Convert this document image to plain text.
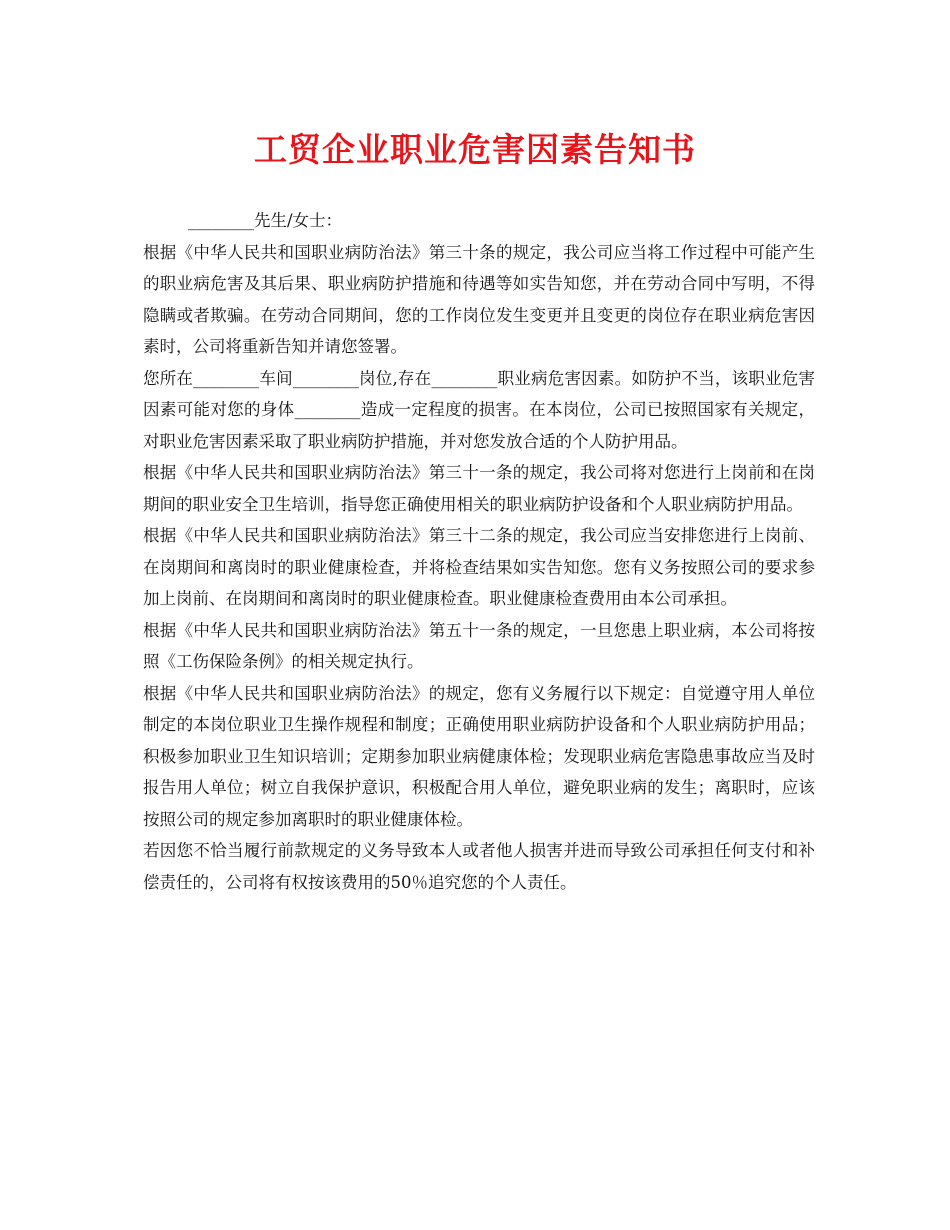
工贸企业职业危害因素告知书
________先生/女士：

根据《中华人民共和国职业病防治法》第三十条的规定，我公司应当将工作过程中可能产生的职业病危害及其后果、职业病防护措施和待遇等如实告知您，并在劳动合同中写明，不得隐瞒或者欺骗。在劳动合同期间，您的工作岗位发生变更并且变更的岗位存在职业病危害因素时，公司将重新告知并请您签署。

您所在________车间________岗位,存在________职业病危害因素。如防护不当，该职业危害因素可能对您的身体________造成一定程度的损害。在本岗位，公司已按照国家有关规定，对职业危害因素采取了职业病防护措施，并对您发放合适的个人防护用品。

根据《中华人民共和国职业病防治法》第三十一条的规定，我公司将对您进行上岗前和在岗期间的职业安全卫生培训，指导您正确使用相关的职业病防护设备和个人职业病防护用品。

根据《中华人民共和国职业病防治法》第三十二条的规定，我公司应当安排您进行上岗前、在岗期间和离岗时的职业健康检查，并将检查结果如实告知您。您有义务按照公司的要求参加上岗前、在岗期间和离岗时的职业健康检查。职业健康检查费用由本公司承担。

根据《中华人民共和国职业病防治法》第五十一条的规定，一旦您患上职业病，本公司将按照《工伤保险条例》的相关规定执行。

根据《中华人民共和国职业病防治法》的规定，您有义务履行以下规定：自觉遵守用人单位制定的本岗位职业卫生操作规程和制度；正确使用职业病防护设备和个人职业病防护用品；积极参加职业卫生知识培训；定期参加职业病健康体检；发现职业病危害隐患事故应当及时报告用人单位；树立自我保护意识，积极配合用人单位，避免职业病的发生；离职时，应该按照公司的规定参加离职时的职业健康体检。

若因您不恰当履行前款规定的义务导致本人或者他人损害并进而导致公司承担任何支付和补偿责任的，公司将有权按该费用的50％追究您的个人责任。
